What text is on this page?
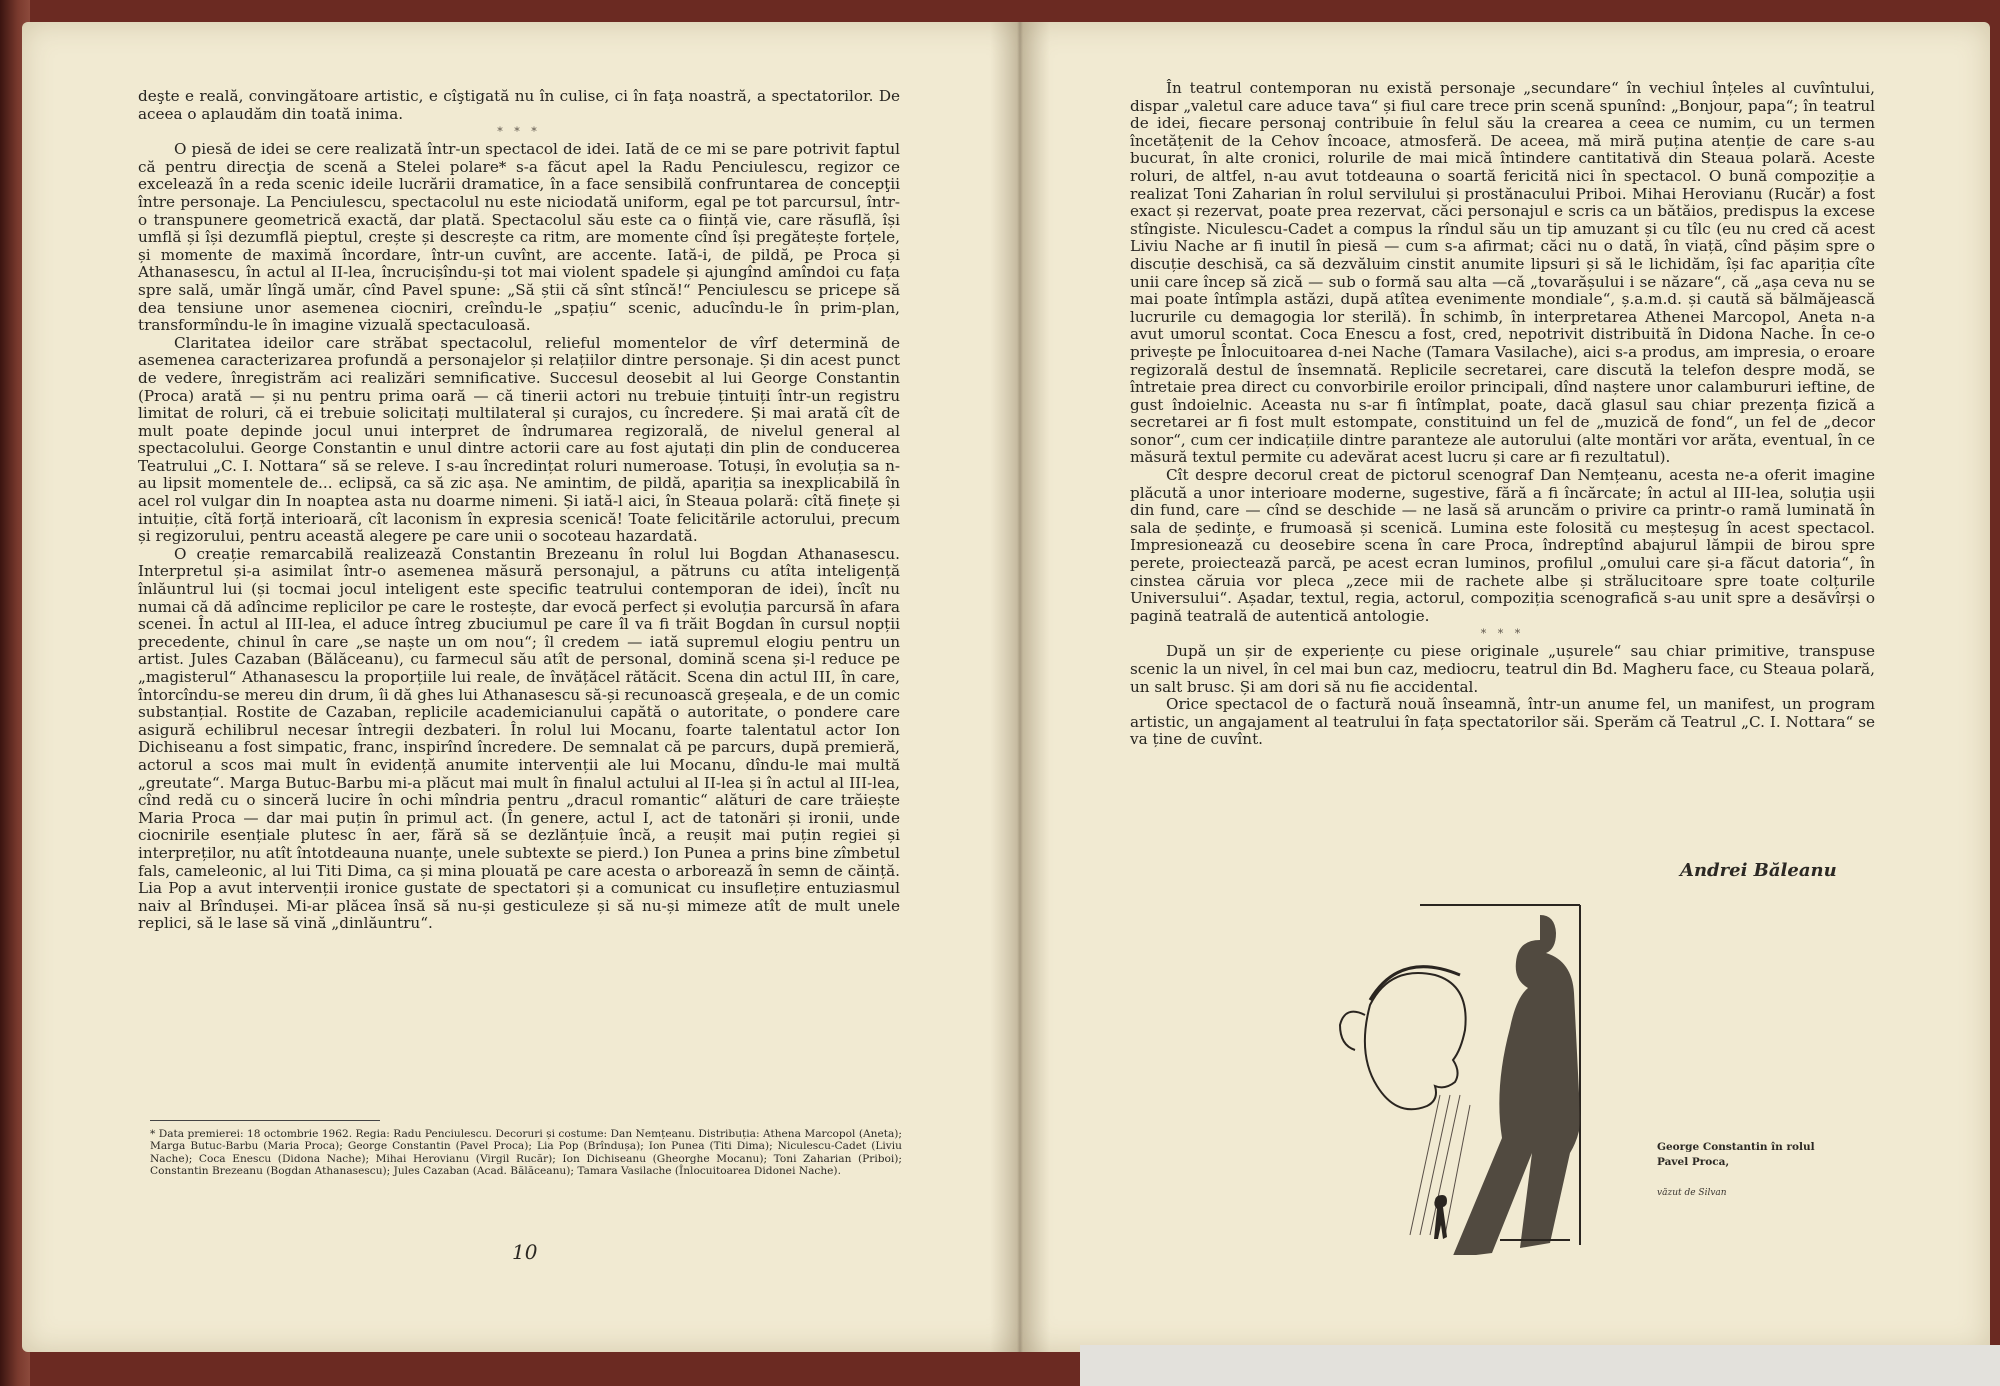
deşte e reală, convingătoare artistic, e cîştigată nu în culise, ci în faţa noastră, a spectatorilor. De aceea o aplaudăm din toată inima.

* * *

O piesă de idei se cere realizată într-un spectacol de idei. Iată de ce mi se pare potrivit faptul că pentru direcţia de scenă a Stelei polare* s-a făcut apel la Radu Penciulescu, regizor ce excelează în a reda scenic ideile lucrării dramatice, în a face sensibilă confruntarea de concepţii între personaje. La Penciulescu, spectacolul nu este niciodată uniform, egal pe tot parcursul, într-o transpunere geometrică exactă, dar plată. Spectacolul său este ca o ființă vie, care răsuflă, își umflă și își dezumflă pieptul, crește și descrește ca ritm, are momente cînd își pregătește forțele, și momente de maximă încordare, într-un cuvînt, are accente. Iată-i, de pildă, pe Proca și Athanasescu, în actul al II-lea, încrucișîndu-și tot mai violent spadele și ajungînd amîndoi cu fața spre sală, umăr lîngă umăr, cînd Pavel spune: „Să știi că sînt stîncă!“ Penciulescu se pricepe să dea tensiune unor asemenea ciocniri, creîndu-le „spațiu“ scenic, aducîndu-le în prim-plan, transformîndu-le în imagine vizuală spectaculoasă.

Claritatea ideilor care străbat spectacolul, relieful momentelor de vîrf determină de asemenea caracterizarea profundă a personajelor și relațiilor dintre personaje. Și din acest punct de vedere, înregistrăm aci realizări semnificative. Succesul deosebit al lui George Constantin (Proca) arată — și nu pentru prima oară — că tinerii actori nu trebuie țintuiți într-un registru limitat de roluri, că ei trebuie solicitați multilateral și curajos, cu încredere. Și mai arată cît de mult poate depinde jocul unui interpret de îndrumarea regizorală, de nivelul general al spectacolului. George Constantin e unul dintre actorii care au fost ajutați din plin de conducerea Teatrului „C. I. Nottara“ să se releve. I s-au încredințat roluri numeroase. Totuși, în evoluția sa n-au lipsit momentele de... eclipsă, ca să zic așa. Ne amintim, de pildă, apariția sa inexplicabilă în acel rol vulgar din In noaptea asta nu doarme nimeni. Și iată-l aici, în Steaua polară: cîtă finețe și intuiție, cîtă forță interioară, cît laconism în expresia scenică! Toate felicitările actorului, precum și regizorului, pentru această alegere pe care unii o socoteau hazardată.

O creație remarcabilă realizează Constantin Brezeanu în rolul lui Bogdan Athanasescu. Interpretul și-a asimilat într-o asemenea măsură personajul, a pătruns cu atîta inteligență înlăuntrul lui (și tocmai jocul inteligent este specific teatrului contemporan de idei), încît nu numai că dă adîncime replicilor pe care le rostește, dar evocă perfect și evoluția parcursă în afara scenei. În actul al III-lea, el aduce întreg zbuciumul pe care îl va fi trăit Bogdan în cursul nopții precedente, chinul în care „se naște un om nou“; îl credem — iată supremul elogiu pentru un artist. Jules Cazaban (Bălăceanu), cu farmecul său atît de personal, domină scena și-l reduce pe „magisterul“ Athanasescu la proporțiile lui reale, de învățăcel rătăcit. Scena din actul III, în care, întorcîndu-se mereu din drum, îi dă ghes lui Athanasescu să-și recunoască greșeala, e de un comic substanțial. Rostite de Cazaban, replicile academicianului capătă o autoritate, o pondere care asigură echilibrul necesar întregii dezbateri. În rolul lui Mocanu, foarte talentatul actor Ion Dichiseanu a fost simpatic, franc, inspirînd încredere. De semnalat că pe parcurs, după premieră, actorul a scos mai mult în evidență anumite intervenții ale lui Mocanu, dîndu-le mai multă „greutate“. Marga Butuc-Barbu mi-a plăcut mai mult în finalul actului al II-lea și în actul al III-lea, cînd redă cu o sinceră lucire în ochi mîndria pentru „dracul romantic“ alături de care trăiește Maria Proca — dar mai puțin în primul act. (În genere, actul I, act de tatonări și ironii, unde ciocnirile esențiale plutesc în aer, fără să se dezlănțuie încă, a reușit mai puțin regiei și interpreților, nu atît întotdeauna nuanțe, unele subtexte se pierd.) Ion Punea a prins bine zîmbetul fals, cameleonic, al lui Titi Dima, ca și mina plouată pe care acesta o arborează în semn de căință. Lia Pop a avut intervenții ironice gustate de spectatori și a comunicat cu insuflețire entuziasmul naiv al Brîndușei. Mi-ar plăcea însă să nu-și gesticuleze și să nu-și mimeze atît de mult unele replici, să le lase să vină „dinlăuntru“.

* Data premierei: 18 octombrie 1962. Regia: Radu Penciulescu. Decoruri și costume: Dan Nemțeanu. Distribuția: Athena Marcopol (Aneta); Marga Butuc-Barbu (Maria Proca); George Constantin (Pavel Proca); Lia Pop (Brîndușa); Ion Punea (Titi Dima); Niculescu-Cadet (Liviu Nache); Coca Enescu (Didona Nache); Mihai Herovianu (Virgil Rucăr); Ion Dichiseanu (Gheorghe Mocanu); Toni Zaharian (Priboi); Constantin Brezeanu (Bogdan Athanasescu); Jules Cazaban (Acad. Bălăceanu); Tamara Vasilache (Înlocuitoarea Didonei Nache).
10

În teatrul contemporan nu există personaje „secundare“ în vechiul înțeles al cuvîntului, dispar „valetul care aduce tava“ și fiul care trece prin scenă spunînd: „Bonjour, papa“; în teatrul de idei, fiecare personaj contribuie în felul său la crearea a ceea ce numim, cu un termen încetățenit de la Cehov încoace, atmosferă. De aceea, mă miră puțina atenție de care s-au bucurat, în alte cronici, rolurile de mai mică întindere cantitativă din Steaua polară. Aceste roluri, de altfel, n-au avut totdeauna o soartă fericită nici în spectacol. O bună compoziție a realizat Toni Zaharian în rolul servilului și prostănacului Priboi. Mihai Herovianu (Rucăr) a fost exact și rezervat, poate prea rezervat, căci personajul e scris ca un bătăios, predispus la excese stîngiste. Niculescu-Cadet a compus la rîndul său un tip amuzant și cu tîlc (eu nu cred că acest Liviu Nache ar fi inutil în piesă — cum s-a afirmat; căci nu o dată, în viață, cînd pășim spre o discuție deschisă, ca să dezvăluim cinstit anumite lipsuri și să le lichidăm, își fac apariția cîte unii care încep să zică — sub o formă sau alta —că „tovarășului i se năzare“, că „așa ceva nu se mai poate întîmpla astăzi, după atîtea evenimente mondiale“, ș.a.m.d. și caută să bălmăjească lucrurile cu demagogia lor sterilă). În schimb, în interpretarea Athenei Marcopol, Aneta n-a avut umorul scontat. Coca Enescu a fost, cred, nepotrivit distribuită în Didona Nache. În ce-o privește pe Înlocuitoarea d-nei Nache (Tamara Vasilache), aici s-a produs, am impresia, o eroare regizorală destul de însemnată. Replicile secretarei, care discută la telefon despre modă, se întretaie prea direct cu convorbirile eroilor principali, dînd naștere unor calambururi ieftine, de gust îndoielnic. Aceasta nu s-ar fi întîmplat, poate, dacă glasul sau chiar prezența fizică a secretarei ar fi fost mult estompate, constituind un fel de „muzică de fond“, un fel de „decor sonor“, cum cer indicațiile dintre paranteze ale autorului (alte montări vor arăta, eventual, în ce măsură textul permite cu adevărat acest lucru și care ar fi rezultatul).

Cît despre decorul creat de pictorul scenograf Dan Nemțeanu, acesta ne-a oferit imagine plăcută a unor interioare moderne, sugestive, fără a fi încărcate; în actul al III-lea, soluția ușii din fund, care — cînd se deschide — ne lasă să aruncăm o privire ca printr-o ramă luminată în sala de ședințe, e frumoasă și scenică. Lumina este folosită cu meșteșug în acest spectacol. Impresionează cu deosebire scena în care Proca, îndreptînd abajurul lămpii de birou spre perete, proiectează parcă, pe acest ecran luminos, profilul „omului care și-a făcut datoria“, în cinstea căruia vor pleca „zece mii de rachete albe și strălucitoare spre toate colțurile Universului“. Așadar, textul, regia, actorul, compoziția scenografică s-au unit spre a desăvîrși o pagină teatrală de autentică antologie.

* * *

După un șir de experiențe cu piese originale „ușurele“ sau chiar primitive, transpuse scenic la un nivel, în cel mai bun caz, mediocru, teatrul din Bd. Magheru face, cu Steaua polară, un salt brusc. Și am dori să nu fie accidental.

Orice spectacol de o factură nouă înseamnă, într-un anume fel, un manifest, un program artistic, un angajament al teatrului în fața spectatorilor săi. Sperăm că Teatrul „C. I. Nottara“ se va ține de cuvînt.

Andrei Băleanu
George Constantin în rolul
Pavel Proca,
văzut de Silvan
